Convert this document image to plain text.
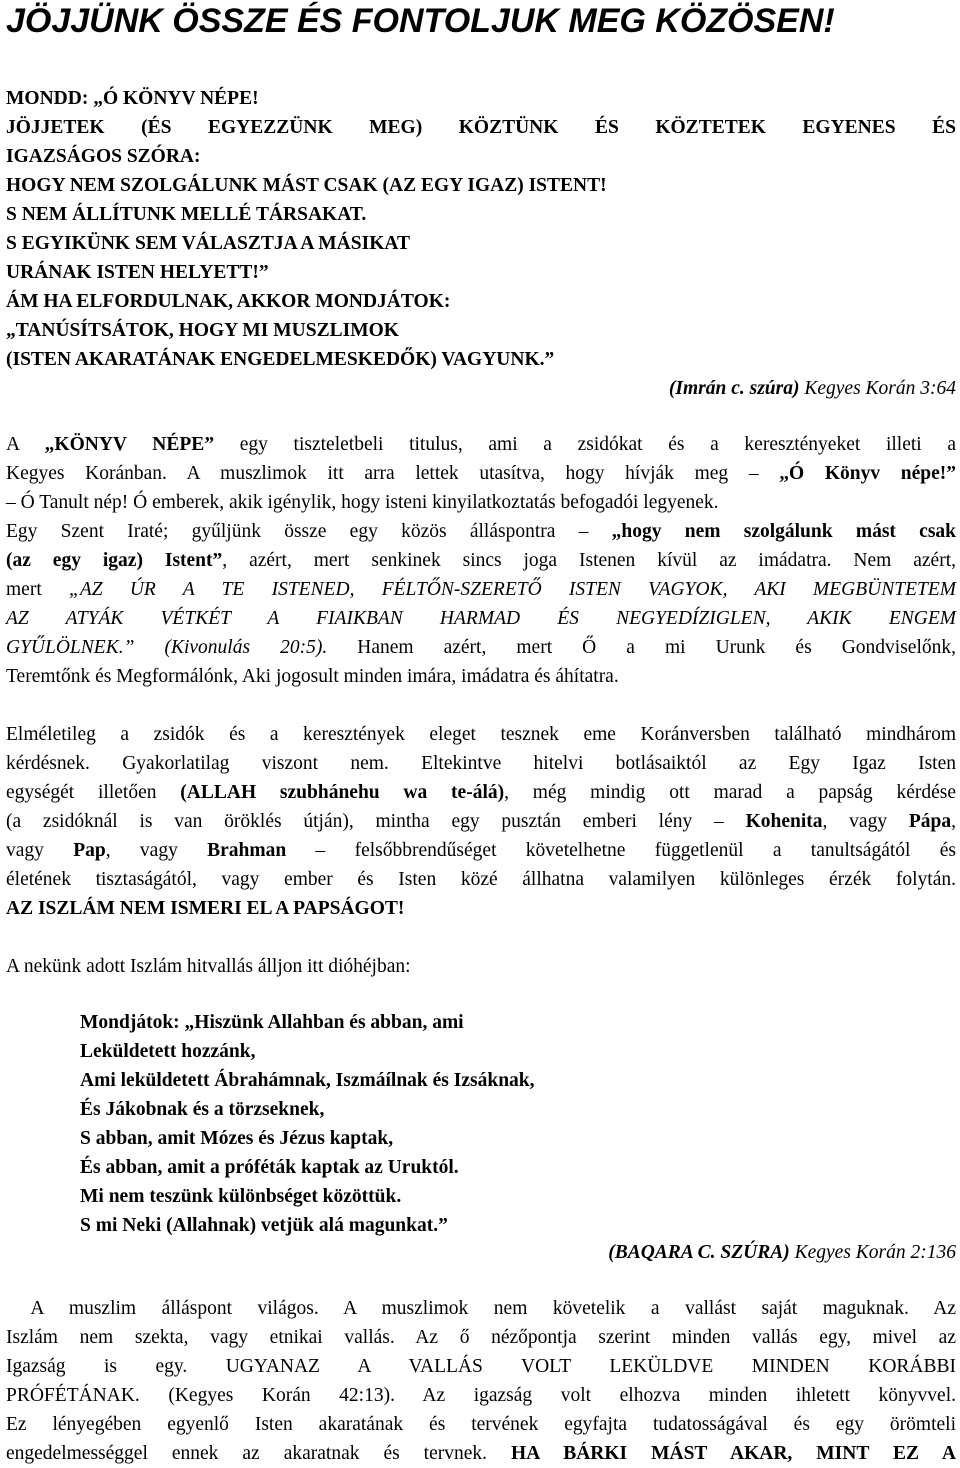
JÖJJÜNK ÖSSZE ÉS FONTOLJUK MEG KÖZÖSEN!
MONDD: „Ó KÖNYV NÉPE!
JÖJJETEK (ÉS EGYEZZÜNK MEG) KÖZTÜNK ÉS KÖZTETEK EGYENES ÉS
IGAZSÁGOS SZÓRA:
HOGY NEM SZOLGÁLUNK MÁST CSAK (AZ EGY IGAZ) ISTENT!
S NEM ÁLLÍTUNK MELLÉ TÁRSAKAT.
S EGYIKÜNK SEM VÁLASZTJA A MÁSIKAT
URÁNAK ISTEN HELYETT!”
ÁM HA ELFORDULNAK, AKKOR MONDJÁTOK:
„TANÚSÍTSÁTOK, HOGY MI MUSZLIMOK
(ISTEN AKARATÁNAK ENGEDELMESKEDŐK) VAGYUNK.”
(Imrán c. szúra) Kegyes Korán 3:64
A „KÖNYV NÉPE” egy tiszteletbeli titulus, ami a zsidókat és a keresztényeket illeti a
Kegyes Koránban. A muszlimok itt arra lettek utasítva, hogy hívják meg – „Ó Könyv népe!”
– Ó Tanult nép! Ó emberek, akik igénylik, hogy isteni kinyilatkoztatás befogadói legyenek.
Egy Szent Iraté; gyűljünk össze egy közös álláspontra – „hogy nem szolgálunk mást csak
(az egy igaz) Istent”, azért, mert senkinek sincs joga Istenen kívül az imádatra. Nem azért,
mert „AZ ÚR A TE ISTENED, FÉLTŐN-SZERETŐ ISTEN VAGYOK, AKI MEGBÜNTETEM
AZ ATYÁK VÉTKÉT A FIAIKBAN HARMAD ÉS NEGYEDÍZIGLEN, AKIK ENGEM
GYŰLÖLNEK.” (Kivonulás 20:5). Hanem azért, mert Ő a mi Urunk és Gondviselőnk,
Teremtőnk és Megformálónk, Aki jogosult minden imára, imádatra és áhítatra.
Elméletileg a zsidók és a keresztények eleget tesznek eme Koránversben található mindhárom
kérdésnek. Gyakorlatilag viszont nem. Eltekintve hitelvi botlásaiktól az Egy Igaz Isten
egységét illetően (ALLAH szubhánehu wa te-álá), még mindig ott marad a papság kérdése
(a zsidóknál is van öröklés útján), mintha egy pusztán emberi lény – Kohenita, vagy Pápa,
vagy Pap, vagy Brahman – felsőbbrendűséget követelhetne függetlenül a tanultságától és
életének tisztaságától, vagy ember és Isten közé állhatna valamilyen különleges érzék folytán.
AZ ISZLÁM NEM ISMERI EL A PAPSÁGOT!
A nekünk adott Iszlám hitvallás álljon itt dióhéjban:
Mondjátok: „Hiszünk Allahban és abban, ami
Leküldetett hozzánk,
Ami leküldetett Ábrahámnak, Iszmáílnak és Izsáknak,
És Jákobnak és a törzseknek,
S abban, amit Mózes és Jézus kaptak,
És abban, amit a próféták kaptak az Uruktól.
Mi nem teszünk különbséget közöttük.
S mi Neki (Allahnak) vetjük alá magunkat.”
(BAQARA C. SZÚRA) Kegyes Korán 2:136
A muszlim álláspont világos. A muszlimok nem követelik a vallást saját maguknak. Az
Iszlám nem szekta, vagy etnikai vallás. Az ő nézőpontja szerint minden vallás egy, mivel az
Igazság is egy. UGYANAZ A VALLÁS VOLT LEKÜLDVE MINDEN KORÁBBI
PRÓFÉTÁNAK. (Kegyes Korán 42:13). Az igazság volt elhozva minden ihletett könyvvel.
Ez lényegében egyenlő Isten akaratának és tervének egyfajta tudatosságával és egy örömteli
engedelmességgel ennek az akaratnak és tervnek. HA BÁRKI MÁST AKAR, MINT EZ A
